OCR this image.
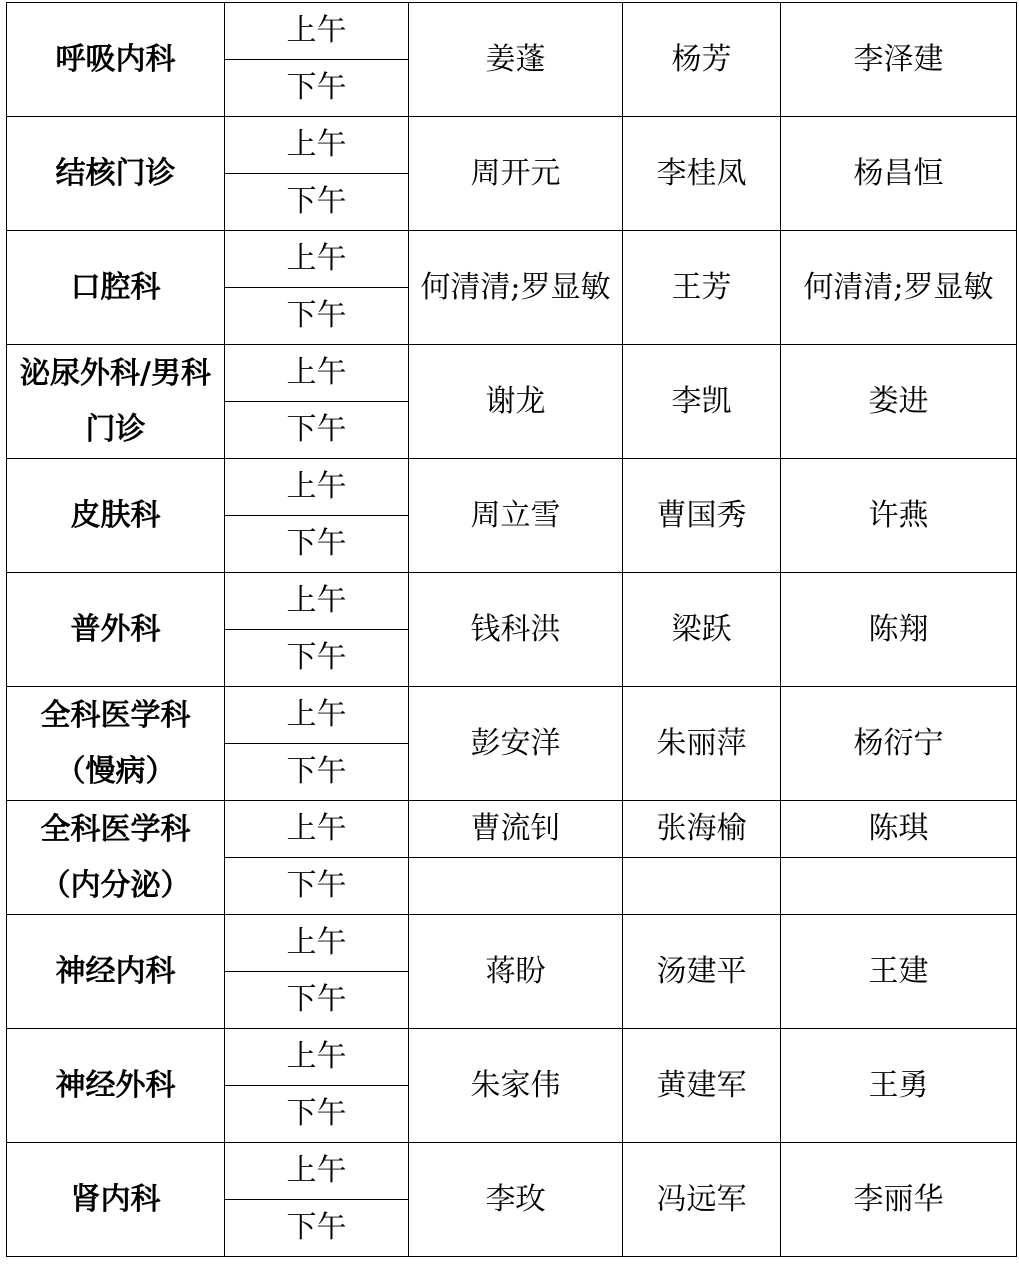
呼吸内科	上午	姜蓬	杨芳	李泽建
	下午			
结核门诊	上午	周开元	李桂凤	杨昌恒
	下午			
口腔科	上午	何清清;罗显敏	王芳	何清清;罗显敏
	下午			
泌尿外科/男科门诊	上午	谢龙	李凯	娄进
	下午			
皮肤科	上午	周立雪	曹国秀	许燕
	下午			
普外科	上午	钱科洪	梁跃	陈翔
	下午			
全科医学科（慢病）	上午	彭安洋	朱丽萍	杨衍宁
	下午			
全科医学科（内分泌）	上午	曹流钊	张海榆	陈琪
	下午			
神经内科	上午	蒋盼	汤建平	王建
	下午			
神经外科	上午	朱家伟	黄建军	王勇
	下午			
肾内科	上午	李玫	冯远军	李丽华
	下午			
